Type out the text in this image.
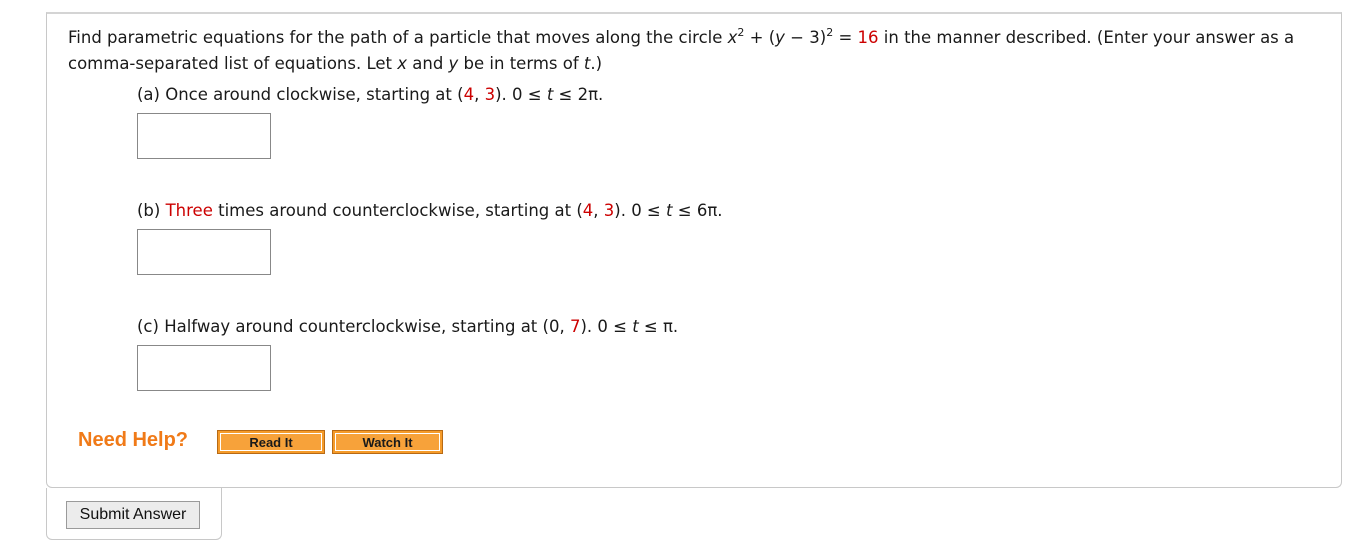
Find parametric equations for the path of a particle that moves along the circle $x^2 + (y - 3)^2 = 16$ in the manner described. (Enter your answer as a comma-separated list of equations. Let x and y be in terms of t.)
(a) Once around clockwise, starting at (4, 3). 0 ≤ t ≤ 2π.
(b) Three times around counterclockwise, starting at (4, 3). 0 ≤ t ≤ 6π.
(c) Halfway around counterclockwise, starting at (0, 7). 0 ≤ t ≤ π.
Need Help?	Read It	Watch It
Submit Answer
